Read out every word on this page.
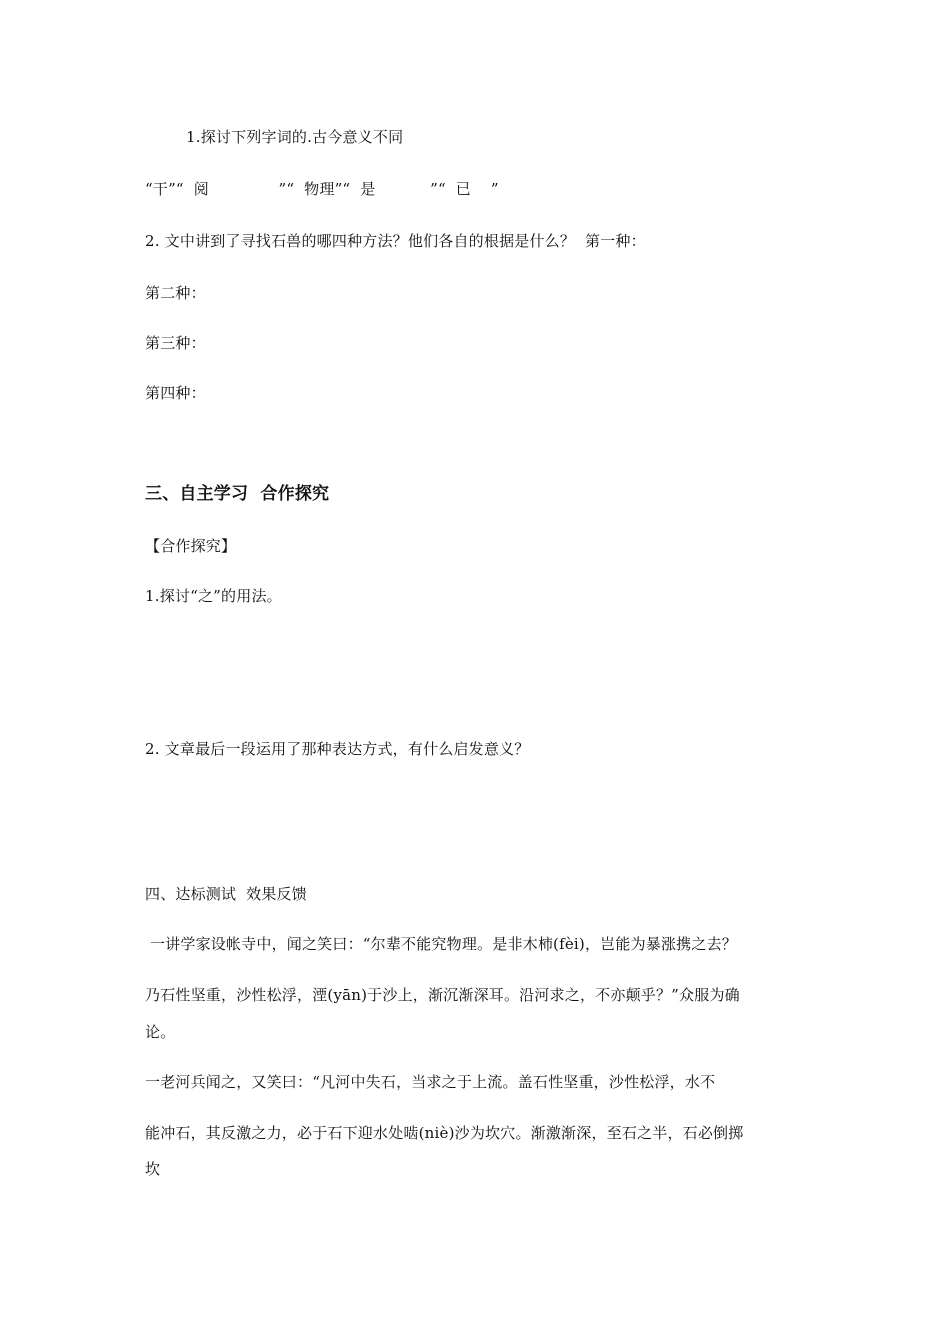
1.探讨下列字词的.古今意义不同
“干”“  阅              ”“  物理”“  是           ”“  已    ”
2. 文中讲到了寻找石兽的哪四种方法？他们各自的根据是什么？  第一种：
第二种：
第三种：
第四种：
三、自主学习  合作探究
【合作探究】
1.探讨“之”的用法。
2. 文章最后一段运用了那种表达方式，有什么启发意义？
四、达标测试  效果反馈
一讲学家设帐寺中，闻之笑曰：“尔辈不能究物理。是非木柿(fèi)，岂能为暴涨携之去？
乃石性坚重，沙性松浮，湮(yān)于沙上，渐沉渐深耳。沿河求之，不亦颠乎？”众服为确
论。
一老河兵闻之，又笑曰：“凡河中失石，当求之于上流。盖石性坚重，沙性松浮，水不
能冲石，其反激之力，必于石下迎水处啮(niè)沙为坎穴。渐激渐深，至石之半，石必倒掷
坎
